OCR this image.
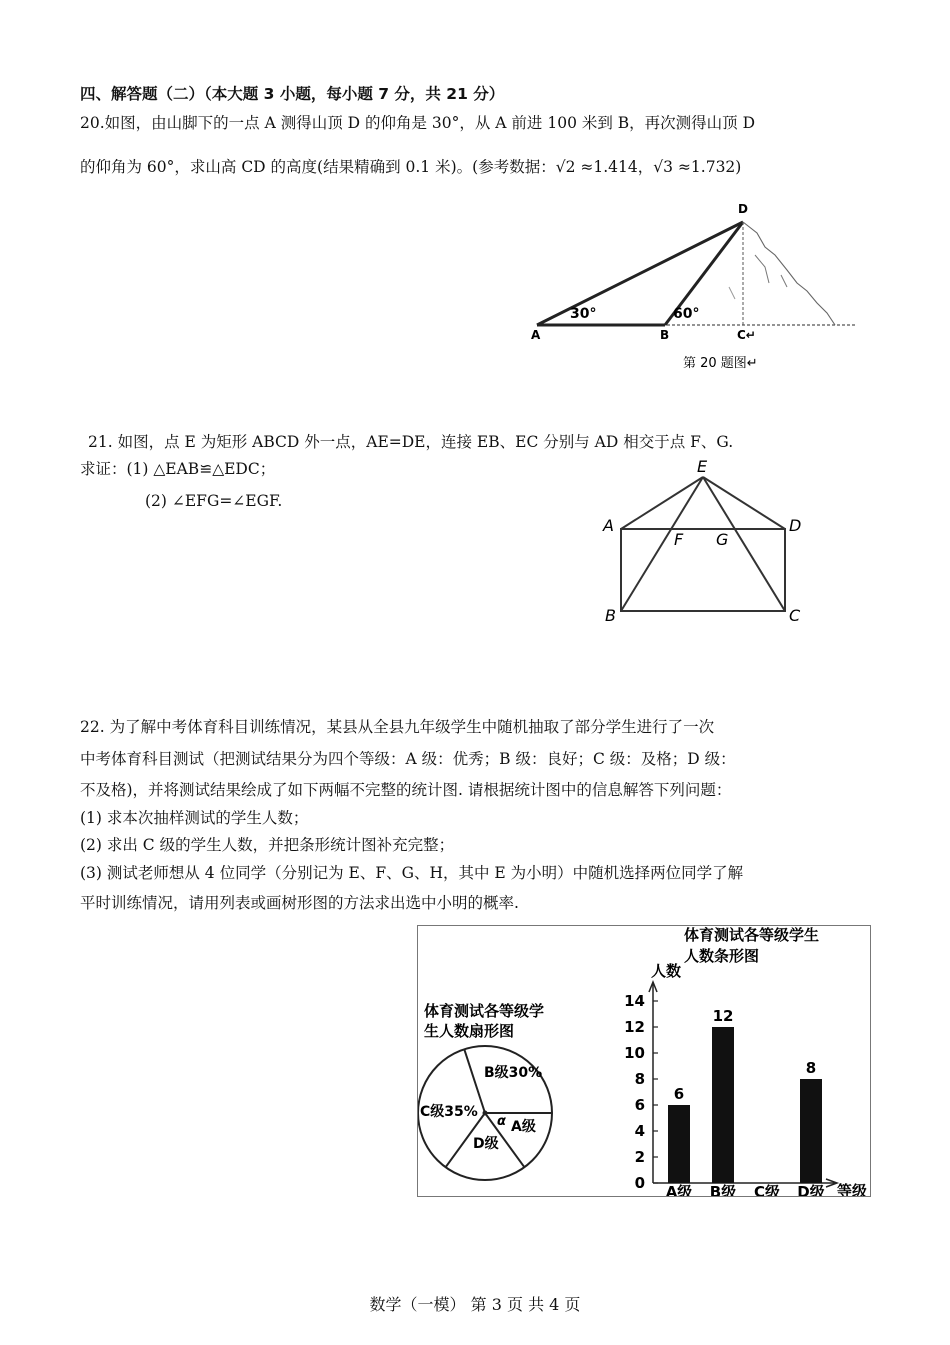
四、解答题（二）（本大题 3 小题，每小题 7 分，共 21 分）
20.如图，由山脚下的一点 A 测得山顶 D 的仰角是 30°，从 A 前进 100 米到 B，再次测得山顶 D
的仰角为 60°，求山高 CD 的高度(结果精确到 0.1 米)。(参考数据：√2 ≈1.414，√3 ≈1.732)
D
A	B	C↵
30°	60°
第 20 题图↵
21. 如图，点 E 为矩形 ABCD 外一点，AE=DE，连接 EB、EC 分别与 AD 相交于点 F、G.
求证：(1) △EAB≌△EDC；
(2) ∠EFG=∠EGF.
E
A	D
F G
B	C
22. 为了解中考体育科目训练情况，某县从全县九年级学生中随机抽取了部分学生进行了一次
中考体育科目测试（把测试结果分为四个等级：A 级：优秀；B 级：良好；C 级：及格；D 级：
不及格)，并将测试结果绘成了如下两幅不完整的统计图. 请根据统计图中的信息解答下列问题：
(1) 求本次抽样测试的学生人数；
(2) 求出 C 级的学生人数，并把条形统计图补充完整；
(3) 测试老师想从 4 位同学（分别记为 E、F、G、H，其中 E 为小明）中随机选择两位同学了解
平时训练情况，请用列表或画树形图的方法求出选中小明的概率.
体育测试各等级学
生人数扇形图
B级30%
C级35%
D级
A级
α
体育测试各等级学生
人数条形图
人数
等级
0
2
4
6
8
10
12
14
6
A级
12
B级 C级
8
D级
数学（一模） 第 3 页 共 4 页
